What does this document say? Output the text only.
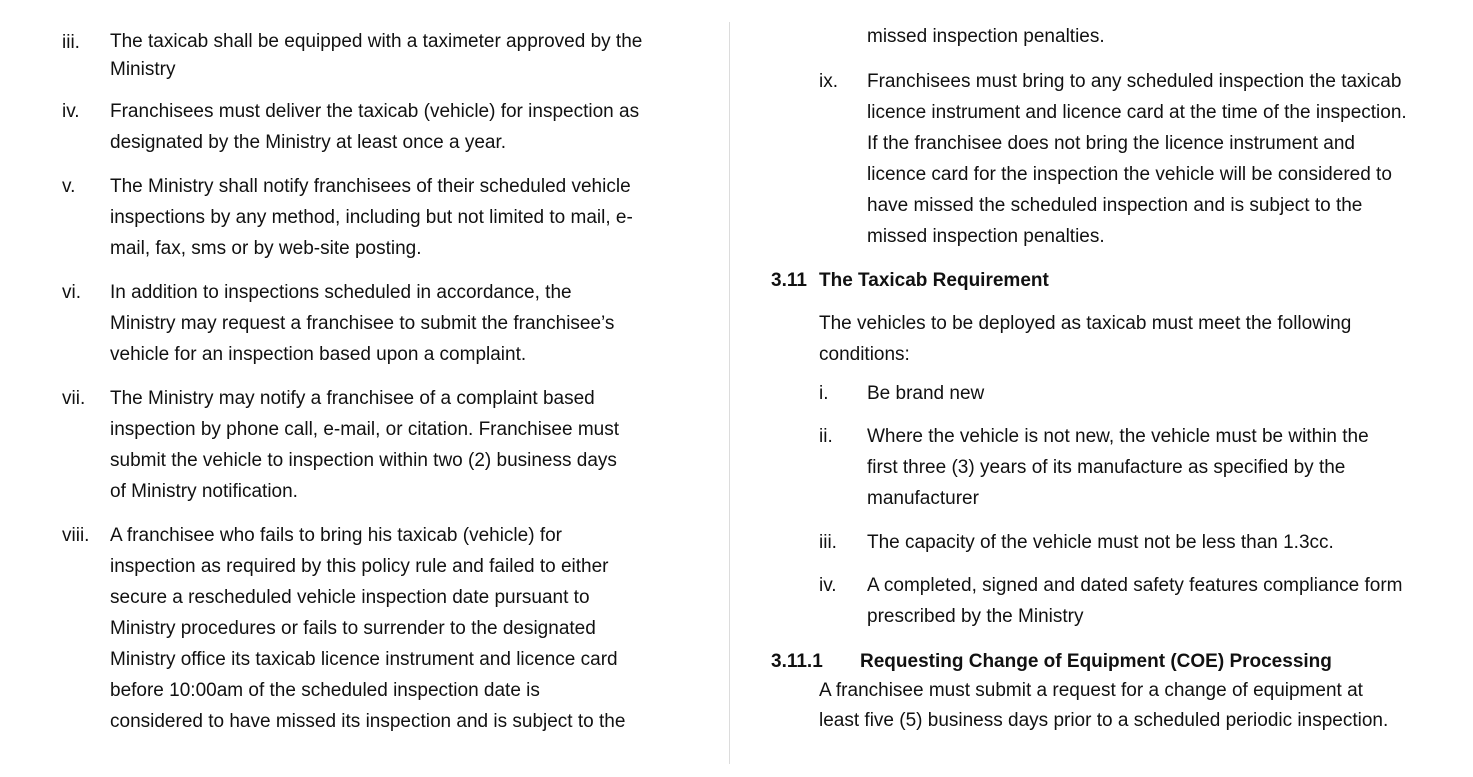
iii. The taxicab shall be equipped with a taximeter approved by the
Ministry
iv. Franchisees must deliver the taxicab (vehicle) for inspection as
designated by the Ministry at least once a year.
v. The Ministry shall notify franchisees of their scheduled vehicle
inspections by any method, including but not limited to mail, e-
mail, fax, sms or by web-site posting.
vi. In addition to inspections scheduled in accordance, the
Ministry may request a franchisee to submit the franchisee’s
vehicle for an inspection based upon a complaint.
vii. The Ministry may notify a franchisee of a complaint based
inspection by phone call, e-mail, or citation. Franchisee must
submit the vehicle to inspection within two (2) business days
of Ministry notification.
viii. A franchisee who fails to bring his taxicab (vehicle) for
inspection as required by this policy rule and failed to either
secure a rescheduled vehicle inspection date pursuant to
Ministry procedures or fails to surrender to the designated
Ministry office its taxicab licence instrument and licence card
before 10:00am of the scheduled inspection date is
considered to have missed its inspection and is subject to the
missed inspection penalties.
ix. Franchisees must bring to any scheduled inspection the taxicab
licence instrument and licence card at the time of the inspection.
If the franchisee does not bring the licence instrument and
licence card for the inspection the vehicle will be considered to
have missed the scheduled inspection and is subject to the
missed inspection penalties.
3.11 The Taxicab Requirement
The vehicles to be deployed as taxicab must meet the following
conditions:
i. Be brand new
ii. Where the vehicle is not new, the vehicle must be within the
first three (3) years of its manufacture as specified by the
manufacturer
iii. The capacity of the vehicle must not be less than 1.3cc.
iv. A completed, signed and dated safety features compliance form
prescribed by the Ministry
3.11.1 Requesting Change of Equipment (COE) Processing
A franchisee must submit a request for a change of equipment at
least five (5) business days prior to a scheduled periodic inspection.
